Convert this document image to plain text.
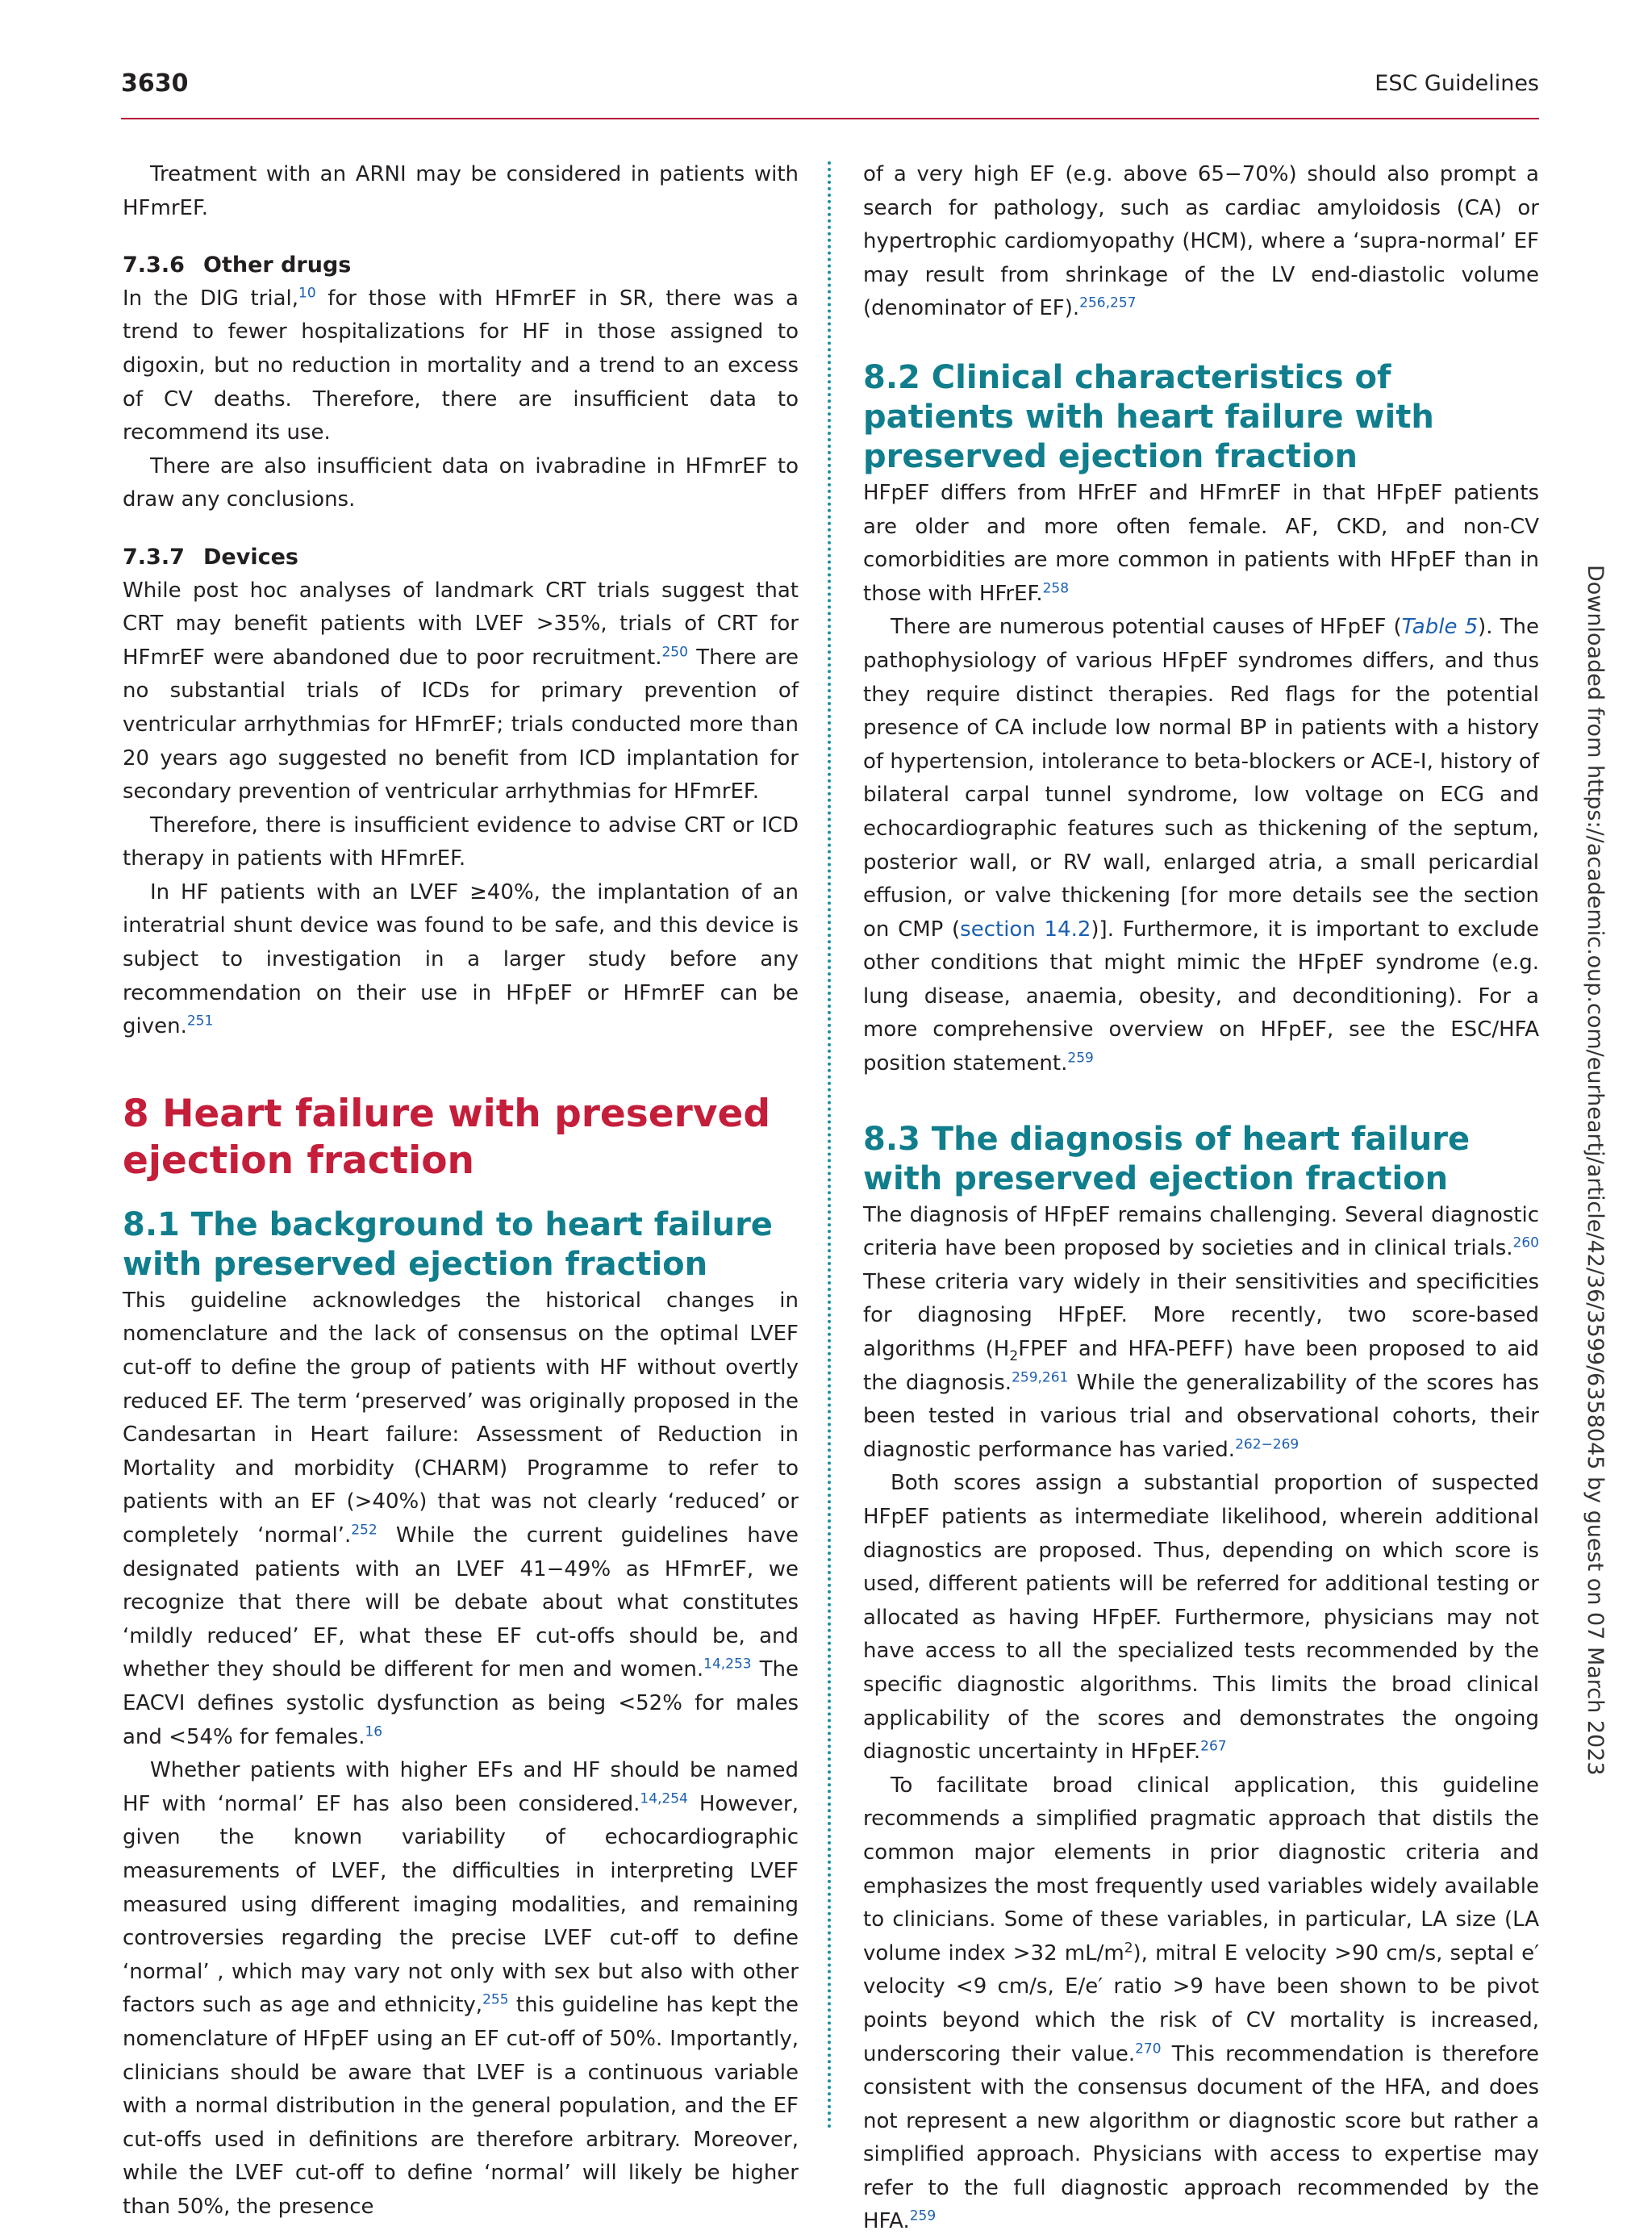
3630	ESC Guidelines

Treatment with an ARNI may be considered in patients with HFmrEF.

7.3.6 Other drugs

In the DIG trial,$^{10}$ for those with HFmrEF in SR, there was a trend to fewer hospitalizations for HF in those assigned to digoxin, but no reduction in mortality and a trend to an excess of CV deaths. Therefore, there are insufficient data to recommend its use.

There are also insufficient data on ivabradine in HFmrEF to draw any conclusions.

7.3.7 Devices

While post hoc analyses of landmark CRT trials suggest that CRT may benefit patients with LVEF >35%, trials of CRT for HFmrEF were abandoned due to poor recruitment.$^{250}$ There are no substantial trials of ICDs for primary prevention of ventricular arrhythmias for HFmrEF; trials conducted more than 20 years ago suggested no benefit from ICD implantation for secondary prevention of ventricular arrhythmias for HFmrEF.

Therefore, there is insufficient evidence to advise CRT or ICD therapy in patients with HFmrEF.

In HF patients with an LVEF ≥40%, the implantation of an interatrial shunt device was found to be safe, and this device is subject to investigation in a larger study before any recommendation on their use in HFpEF or HFmrEF can be given.$^{251}$

8 Heart failure with preserved ejection fraction
8.1 The background to heart failure with preserved ejection fraction

This guideline acknowledges the historical changes in nomenclature and the lack of consensus on the optimal LVEF cut-off to define the group of patients with HF without overtly reduced EF. The term ‘preserved’ was originally proposed in the Candesartan in Heart failure: Assessment of Reduction in Mortality and morbidity (CHARM) Programme to refer to patients with an EF (>40%) that was not clearly ‘reduced’ or completely ‘normal’.$^{252}$ While the current guidelines have designated patients with an LVEF 41−49% as HFmrEF, we recognize that there will be debate about what constitutes ‘mildly reduced’ EF, what these EF cut-offs should be, and whether they should be different for men and women.$^{14,253}$ The EACVI defines systolic dysfunction as being <52% for males and <54% for females.$^{16}$

Whether patients with higher EFs and HF should be named HF with ‘normal’ EF has also been considered.$^{14,254}$ However, given the known variability of echocardiographic measurements of LVEF, the difficulties in interpreting LVEF measured using different imaging modalities, and remaining controversies regarding the precise LVEF cut-off to define ‘normal’ , which may vary not only with sex but also with other factors such as age and ethnicity,$^{255}$ this guideline has kept the nomenclature of HFpEF using an EF cut-off of 50%. Importantly, clinicians should be aware that LVEF is a continuous variable with a normal distribution in the general population, and the EF cut-offs used in definitions are therefore arbitrary. Moreover, while the LVEF cut-off to define ‘normal’ will likely be higher than 50%, the presence

of a very high EF (e.g. above 65−70%) should also prompt a search for pathology, such as cardiac amyloidosis (CA) or hypertrophic cardiomyopathy (HCM), where a ‘supra-normal’ EF may result from shrinkage of the LV end-diastolic volume (denominator of EF).$^{256,257}$

8.2 Clinical characteristics of patients with heart failure with preserved ejection fraction

HFpEF differs from HFrEF and HFmrEF in that HFpEF patients are older and more often female. AF, CKD, and non-CV comorbidities are more common in patients with HFpEF than in those with HFrEF.$^{258}$

There are numerous potential causes of HFpEF (Table 5). The pathophysiology of various HFpEF syndromes differs, and thus they require distinct therapies. Red flags for the potential presence of CA include low normal BP in patients with a history of hypertension, intolerance to beta-blockers or ACE-I, history of bilateral carpal tunnel syndrome, low voltage on ECG and echocardiographic features such as thickening of the septum, posterior wall, or RV wall, enlarged atria, a small pericardial effusion, or valve thickening [for more details see the section on CMP (section 14.2)]. Furthermore, it is important to exclude other conditions that might mimic the HFpEF syndrome (e.g. lung disease, anaemia, obesity, and deconditioning). For a more comprehensive overview on HFpEF, see the ESC/HFA position statement.$^{259}$

8.3 The diagnosis of heart failure with preserved ejection fraction

The diagnosis of HFpEF remains challenging. Several diagnostic criteria have been proposed by societies and in clinical trials.$^{260}$ These criteria vary widely in their sensitivities and specificities for diagnosing HFpEF. More recently, two score-based algorithms ($H_2FPEF$ and HFA-PEFF) have been proposed to aid the diagnosis.$^{259,261}$ While the generalizability of the scores has been tested in various trial and observational cohorts, their diagnostic performance has varied.$^{262-269}$

Both scores assign a substantial proportion of suspected HFpEF patients as intermediate likelihood, wherein additional diagnostics are proposed. Thus, depending on which score is used, different patients will be referred for additional testing or allocated as having HFpEF. Furthermore, physicians may not have access to all the specialized tests recommended by the specific diagnostic algorithms. This limits the broad clinical applicability of the scores and demonstrates the ongoing diagnostic uncertainty in HFpEF.$^{267}$

To facilitate broad clinical application, this guideline recommends a simplified pragmatic approach that distils the common major elements in prior diagnostic criteria and emphasizes the most frequently used variables widely available to clinicians. Some of these variables, in particular, LA size (LA volume index >32 $mL/m^2$), mitral E velocity >90 cm/s, septal e′ velocity <9 cm/s, E/e′ ratio >9 have been shown to be pivot points beyond which the risk of CV mortality is increased, underscoring their value.$^{270}$ This recommendation is therefore consistent with the consensus document of the HFA, and does not represent a new algorithm or diagnostic score but rather a simplified approach. Physicians with access to expertise may refer to the full diagnostic approach recommended by the HFA.$^{259}$

Downloaded from https://academic.oup.com/eurheartj/article/42/36/3599/6358045 by guest on 07 March 2023
